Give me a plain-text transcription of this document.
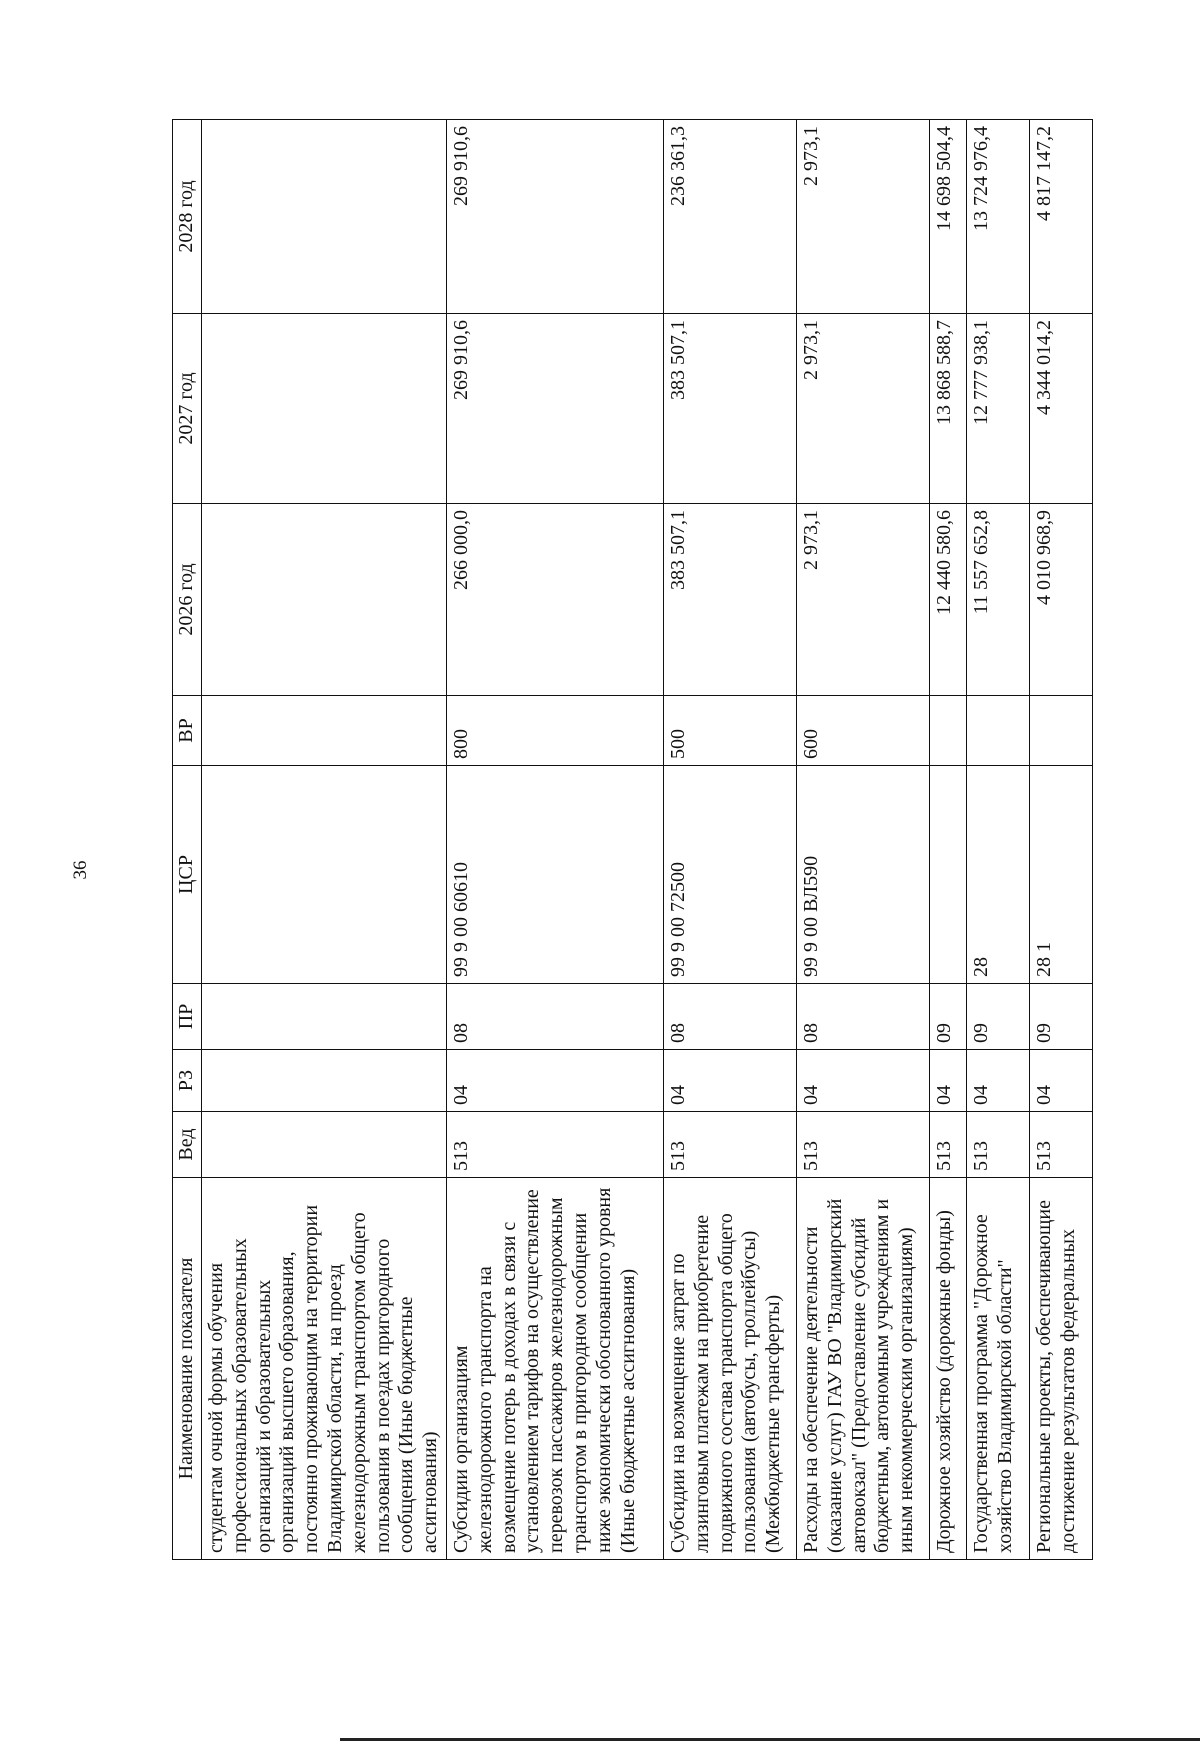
36
Наименование показателя	Вед	РЗ	ПР	ЦСР	ВР	2026 год	2027 год	2028 год
студентам очной формы обучения профессиональных образовательных организаций и образовательных организаций высшего образования, постоянно проживающим на территории Владимирской области, на проезд железнодорожным транспортом общего пользования в поездах пригородного сообщения (Иные бюджетные ассигнования)								
Субсидии организациям железнодорожного транспорта на возмещение потерь в доходах в связи с установлением тарифов на осуществление перевозок пассажиров железнодорожным транспортом в пригородном сообщении ниже экономически обоснованного уровня (Иные бюджетные ассигнования)	513	04	08	99 9 00 60610	800	266 000,0	269 910,6	269 910,6
Субсидии на возмещение затрат по лизинговым платежам на приобретение подвижного состава транспорта общего пользования (автобусы, троллейбусы) (Межбюджетные трансферты)	513	04	08	99 9 00 72500	500	383 507,1	383 507,1	236 361,3
Расходы на обеспечение деятельности (оказание услуг) ГАУ ВО "Владимирский автовокзал" (Предоставление субсидий бюджетным, автономным учреждениям и иным некоммерческим организациям)	513	04	08	99 9 00 ВЛ590	600	2 973,1	2 973,1	2 973,1
Дорожное хозяйство (дорожные фонды)	513	04	09			12 440 580,6	13 868 588,7	14 698 504,4
Государственная программа "Дорожное хозяйство Владимирской области"	513	04	09	28		11 557 652,8	12 777 938,1	13 724 976,4
Региональные проекты, обеспечивающие достижение результатов федеральных	513	04	09	28 1		4 010 968,9	4 344 014,2	4 817 147,2
